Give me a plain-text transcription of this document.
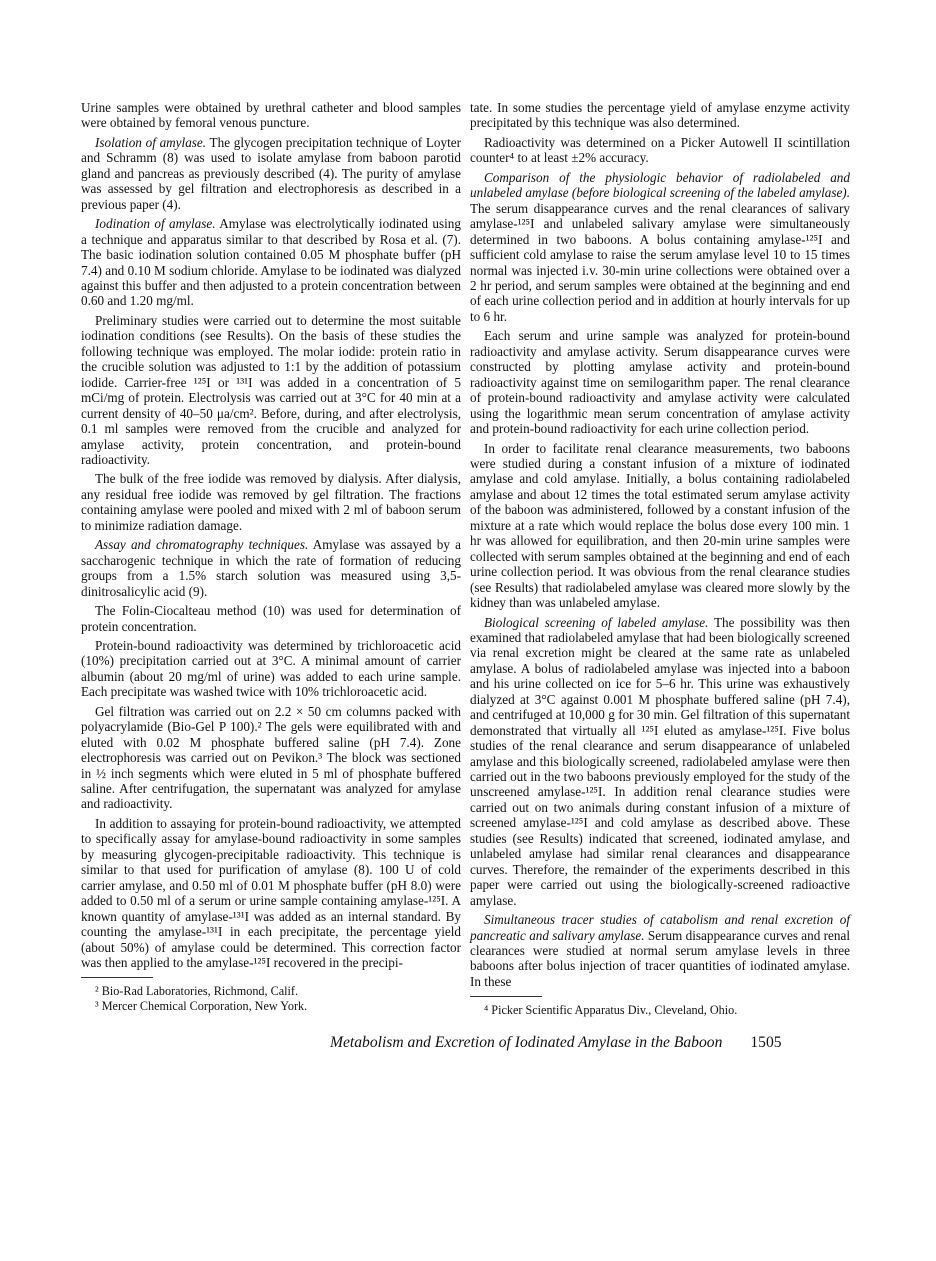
Urine samples were obtained by urethral catheter and blood samples were obtained by femoral venous puncture.

Isolation of amylase. The glycogen precipitation technique of Loyter and Schramm (8) was used to isolate amylase from baboon parotid gland and pancreas as previously described (4). The purity of amylase was assessed by gel filtration and electrophoresis as described in a previous paper (4).

Iodination of amylase. Amylase was electrolytically iodinated using a technique and apparatus similar to that described by Rosa et al. (7). The basic iodination solution contained 0.05 M phosphate buffer (pH 7.4) and 0.10 M sodium chloride. Amylase to be iodinated was dialyzed against this buffer and then adjusted to a protein concentration between 0.60 and 1.20 mg/ml.

Preliminary studies were carried out to determine the most suitable iodination conditions (see Results). On the basis of these studies the following technique was employed. The molar iodide: protein ratio in the crucible solution was adjusted to 1:1 by the addition of potassium iodide. Carrier-free ¹²⁵I or ¹³¹I was added in a concentration of 5 mCi/mg of protein. Electrolysis was carried out at 3°C for 40 min at a current density of 40–50 μa/cm². Before, during, and after electrolysis, 0.1 ml samples were removed from the crucible and analyzed for amylase activity, protein concentration, and protein-bound radioactivity.

The bulk of the free iodide was removed by dialysis. After dialysis, any residual free iodide was removed by gel filtration. The fractions containing amylase were pooled and mixed with 2 ml of baboon serum to minimize radiation damage.

Assay and chromatography techniques. Amylase was assayed by a saccharogenic technique in which the rate of formation of reducing groups from a 1.5% starch solution was measured using 3,5-dinitrosalicylic acid (9).

The Folin-Ciocalteau method (10) was used for determination of protein concentration.

Protein-bound radioactivity was determined by trichloroacetic acid (10%) precipitation carried out at 3°C. A minimal amount of carrier albumin (about 20 mg/ml of urine) was added to each urine sample. Each precipitate was washed twice with 10% trichloroacetic acid.

Gel filtration was carried out on 2.2 × 50 cm columns packed with polyacrylamide (Bio-Gel P 100).² The gels were equilibrated with and eluted with 0.02 M phosphate buffered saline (pH 7.4). Zone electrophoresis was carried out on Pevikon.³ The block was sectioned in ½ inch segments which were eluted in 5 ml of phosphate buffered saline. After centrifugation, the supernatant was analyzed for amylase and radioactivity.

In addition to assaying for protein-bound radioactivity, we attempted to specifically assay for amylase-bound radioactivity in some samples by measuring glycogen-precipitable radioactivity. This technique is similar to that used for purification of amylase (8). 100 U of cold carrier amylase, and 0.50 ml of 0.01 M phosphate buffer (pH 8.0) were added to 0.50 ml of a serum or urine sample containing amylase-¹²⁵I. A known quantity of amylase-¹³¹I was added as an internal standard. By counting the amylase-¹³¹I in each precipitate, the percentage yield (about 50%) of amylase could be determined. This correction factor was then applied to the amylase-¹²⁵I recovered in the precipi-

² Bio-Rad Laboratories, Richmond, Calif.

³ Mercer Chemical Corporation, New York.

tate. In some studies the percentage yield of amylase enzyme activity precipitated by this technique was also determined.

Radioactivity was determined on a Picker Autowell II scintillation counter⁴ to at least ±2% accuracy.

Comparison of the physiologic behavior of radiolabeled and unlabeled amylase (before biological screening of the labeled amylase). The serum disappearance curves and the renal clearances of salivary amylase-¹²⁵I and unlabeled salivary amylase were simultaneously determined in two baboons. A bolus containing amylase-¹²⁵I and sufficient cold amylase to raise the serum amylase level 10 to 15 times normal was injected i.v. 30-min urine collections were obtained over a 2 hr period, and serum samples were obtained at the beginning and end of each urine collection period and in addition at hourly intervals for up to 6 hr.

Each serum and urine sample was analyzed for protein-bound radioactivity and amylase activity. Serum disappearance curves were constructed by plotting amylase activity and protein-bound radioactivity against time on semilogarithm paper. The renal clearance of protein-bound radioactivity and amylase activity were calculated using the logarithmic mean serum concentration of amylase activity and protein-bound radioactivity for each urine collection period.

In order to facilitate renal clearance measurements, two baboons were studied during a constant infusion of a mixture of iodinated amylase and cold amylase. Initially, a bolus containing radiolabeled amylase and about 12 times the total estimated serum amylase activity of the baboon was administered, followed by a constant infusion of the mixture at a rate which would replace the bolus dose every 100 min. 1 hr was allowed for equilibration, and then 20-min urine samples were collected with serum samples obtained at the beginning and end of each urine collection period. It was obvious from the renal clearance studies (see Results) that radiolabeled amylase was cleared more slowly by the kidney than was unlabeled amylase.

Biological screening of labeled amylase. The possibility was then examined that radiolabeled amylase that had been biologically screened via renal excretion might be cleared at the same rate as unlabeled amylase. A bolus of radiolabeled amylase was injected into a baboon and his urine collected on ice for 5–6 hr. This urine was exhaustively dialyzed at 3°C against 0.001 M phosphate buffered saline (pH 7.4), and centrifuged at 10,000 g for 30 min. Gel filtration of this supernatant demonstrated that virtually all ¹²⁵I eluted as amylase-¹²⁵I. Five bolus studies of the renal clearance and serum disappearance of unlabeled amylase and this biologically screened, radiolabeled amylase were then carried out in the two baboons previously employed for the study of the unscreened amylase-¹²⁵I. In addition renal clearance studies were carried out on two animals during constant infusion of a mixture of screened amylase-¹²⁵I and cold amylase as described above. These studies (see Results) indicated that screened, iodinated amylase, and unlabeled amylase had similar renal clearances and disappearance curves. Therefore, the remainder of the experiments described in this paper were carried out using the biologically-screened radioactive amylase.

Simultaneous tracer studies of catabolism and renal excretion of pancreatic and salivary amylase. Serum disappearance curves and renal clearances were studied at normal serum amylase levels in three baboons after bolus injection of tracer quantities of iodinated amylase. In these

⁴ Picker Scientific Apparatus Div., Cleveland, Ohio.

Metabolism and Excretion of Iodinated Amylase in the Baboon 1505
